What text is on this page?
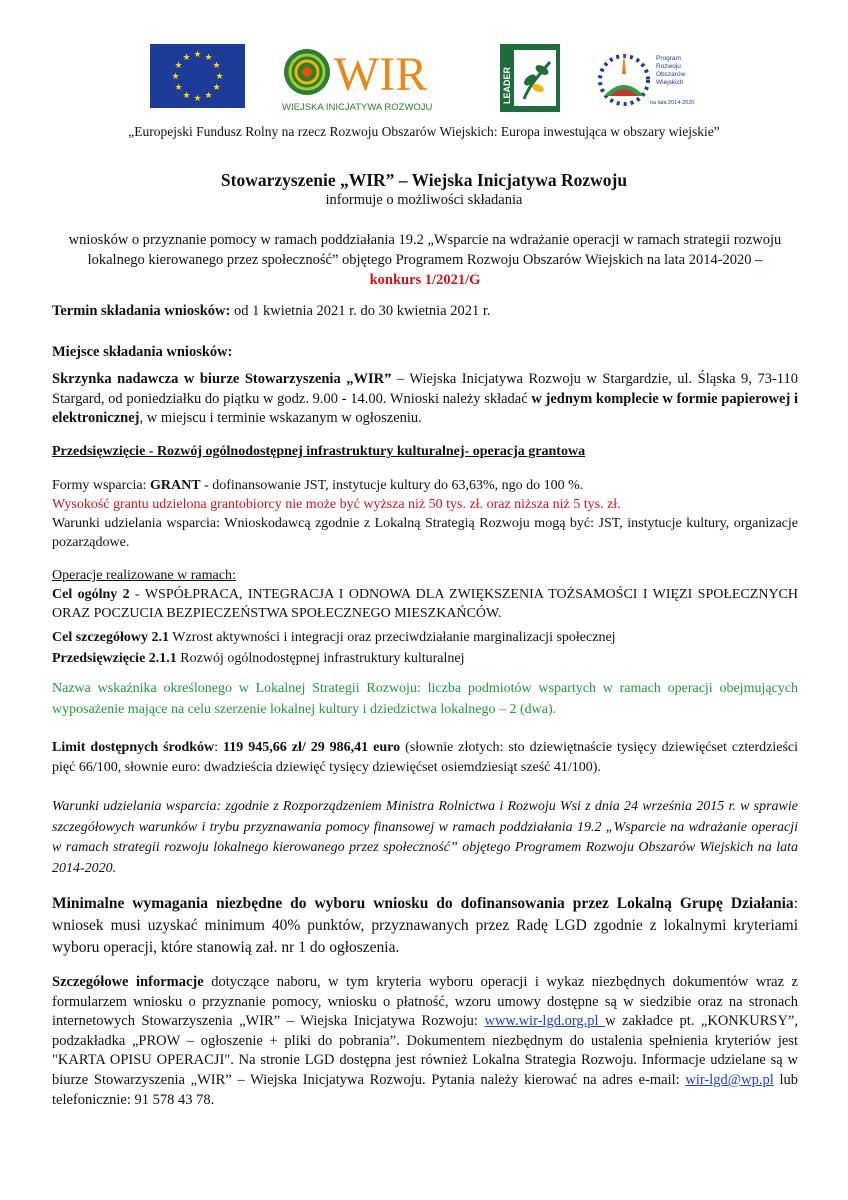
★ ★
★
★
★
★
★
★
★
★
★
★	WIR
WIEJSKA INICJATYWA ROZWOJU
LEADER
Program
Rozwoju
Obszarów
Wiejskich
na lata 2014-2020
„Europejski Fundusz Rolny na rzecz Rozwoju Obszarów Wiejskich: Europa inwestująca w obszary wiejskie”
Stowarzyszenie „WIR” – Wiejska Inicjatywa Rozwoju
informuje o możliwości składania
wniosków o przyznanie pomocy w ramach poddziałania 19.2 „Wsparcie na wdrażanie operacji w ramach strategii rozwoju lokalnego kierowanego przez społeczność” objętego Programem Rozwoju Obszarów Wiejskich na lata 2014-2020 – konkurs 1/2021/G
Termin składania wniosków: od 1 kwietnia 2021 r. do 30 kwietnia 2021 r.
Miejsce składania wniosków:
Skrzynka nadawcza w biurze Stowarzyszenia „WIR” – Wiejska Inicjatywa Rozwoju w Stargardzie, ul. Śląska 9, 73-110 Stargard, od poniedziałku do piątku w godz. 9.00 - 14.00. Wnioski należy składać w jednym komplecie w formie papierowej i elektronicznej, w miejscu i terminie wskazanym w ogłoszeniu.
Przedsięwzięcie - Rozwój ogólnodostępnej infrastruktury kulturalnej- operacja grantowa
Formy wsparcia: GRANT - dofinansowanie JST, instytucje kultury do 63,63%, ngo do 100 %.
Wysokość grantu udzielona grantobiorcy nie może być wyższa niż 50 tys. zł. oraz niższa niż 5 tys. zł.
Warunki udzielania wsparcia: Wnioskodawcą zgodnie z Lokalną Strategią Rozwoju mogą być: JST, instytucje kultury, organizacje pozarządowe.
Operacje realizowane w ramach:
Cel ogólny 2 - WSPÓŁPRACA, INTEGRACJA I ODNOWA DLA ZWIĘKSZENIA TOŻSAMOŚCI I WIĘZI SPOŁECZNYCH ORAZ POCZUCIA BEZPIECZEŃSTWA SPOŁECZNEGO MIESZKAŃCÓW.
Cel szczegółowy 2.1 Wzrost aktywności i integracji oraz przeciwdziałanie marginalizacji społecznej
Przedsięwzięcie 2.1.1 Rozwój ogólnodostępnej infrastruktury kulturalnej
Nazwa wskaźnika określonego w Lokalnej Strategii Rozwoju: liczba podmiotów wspartych w ramach operacji obejmujących wyposażenie mające na celu szerzenie lokalnej kultury i dziedzictwa lokalnego – 2 (dwa).
Limit dostępnych środków: 119 945,66 zł/ 29 986,41 euro (słownie złotych: sto dziewiętnaście tysięcy dziewięćset czterdzieści pięć 66/100, słownie euro: dwadzieścia dziewięć tysięcy dziewięćset osiemdziesiąt sześć 41/100).
Warunki udzielania wsparcia: zgodnie z Rozporządzeniem Ministra Rolnictwa i Rozwoju Wsi z dnia 24 września 2015 r. w sprawie szczegółowych warunków i trybu przyznawania pomocy finansowej w ramach poddziałania 19.2 „Wsparcie na wdrażanie operacji w ramach strategii rozwoju lokalnego kierowanego przez społeczność” objętego Programem Rozwoju Obszarów Wiejskich na lata 2014-2020.
Minimalne wymagania niezbędne do wyboru wniosku do dofinansowania przez Lokalną Grupę Działania: wniosek musi uzyskać minimum 40% punktów, przyznawanych przez Radę LGD zgodnie z lokalnymi kryteriami wyboru operacji, które stanowią zał. nr 1 do ogłoszenia.
Szczegółowe informacje dotyczące naboru, w tym kryteria wyboru operacji i wykaz niezbędnych dokumentów wraz z formularzem wniosku o przyznanie pomocy, wniosku o płatność, wzoru umowy dostępne są w siedzibie oraz na stronach internetowych Stowarzyszenia „WIR” – Wiejska Inicjatywa Rozwoju: www.wir-lgd.org.pl w zakładce pt. „KONKURSY”, podzakładka „PROW – ogłoszenie + pliki do pobrania”. Dokumentem niezbędnym do ustalenia spełnienia kryteriów jest "KARTA OPISU OPERACJI". Na stronie LGD dostępna jest również Lokalna Strategia Rozwoju. Informacje udzielane są w biurze Stowarzyszenia „WIR” – Wiejska Inicjatywa Rozwoju. Pytania należy kierować na adres e-mail: wir-lgd@wp.pl lub telefonicznie: 91 578 43 78.
